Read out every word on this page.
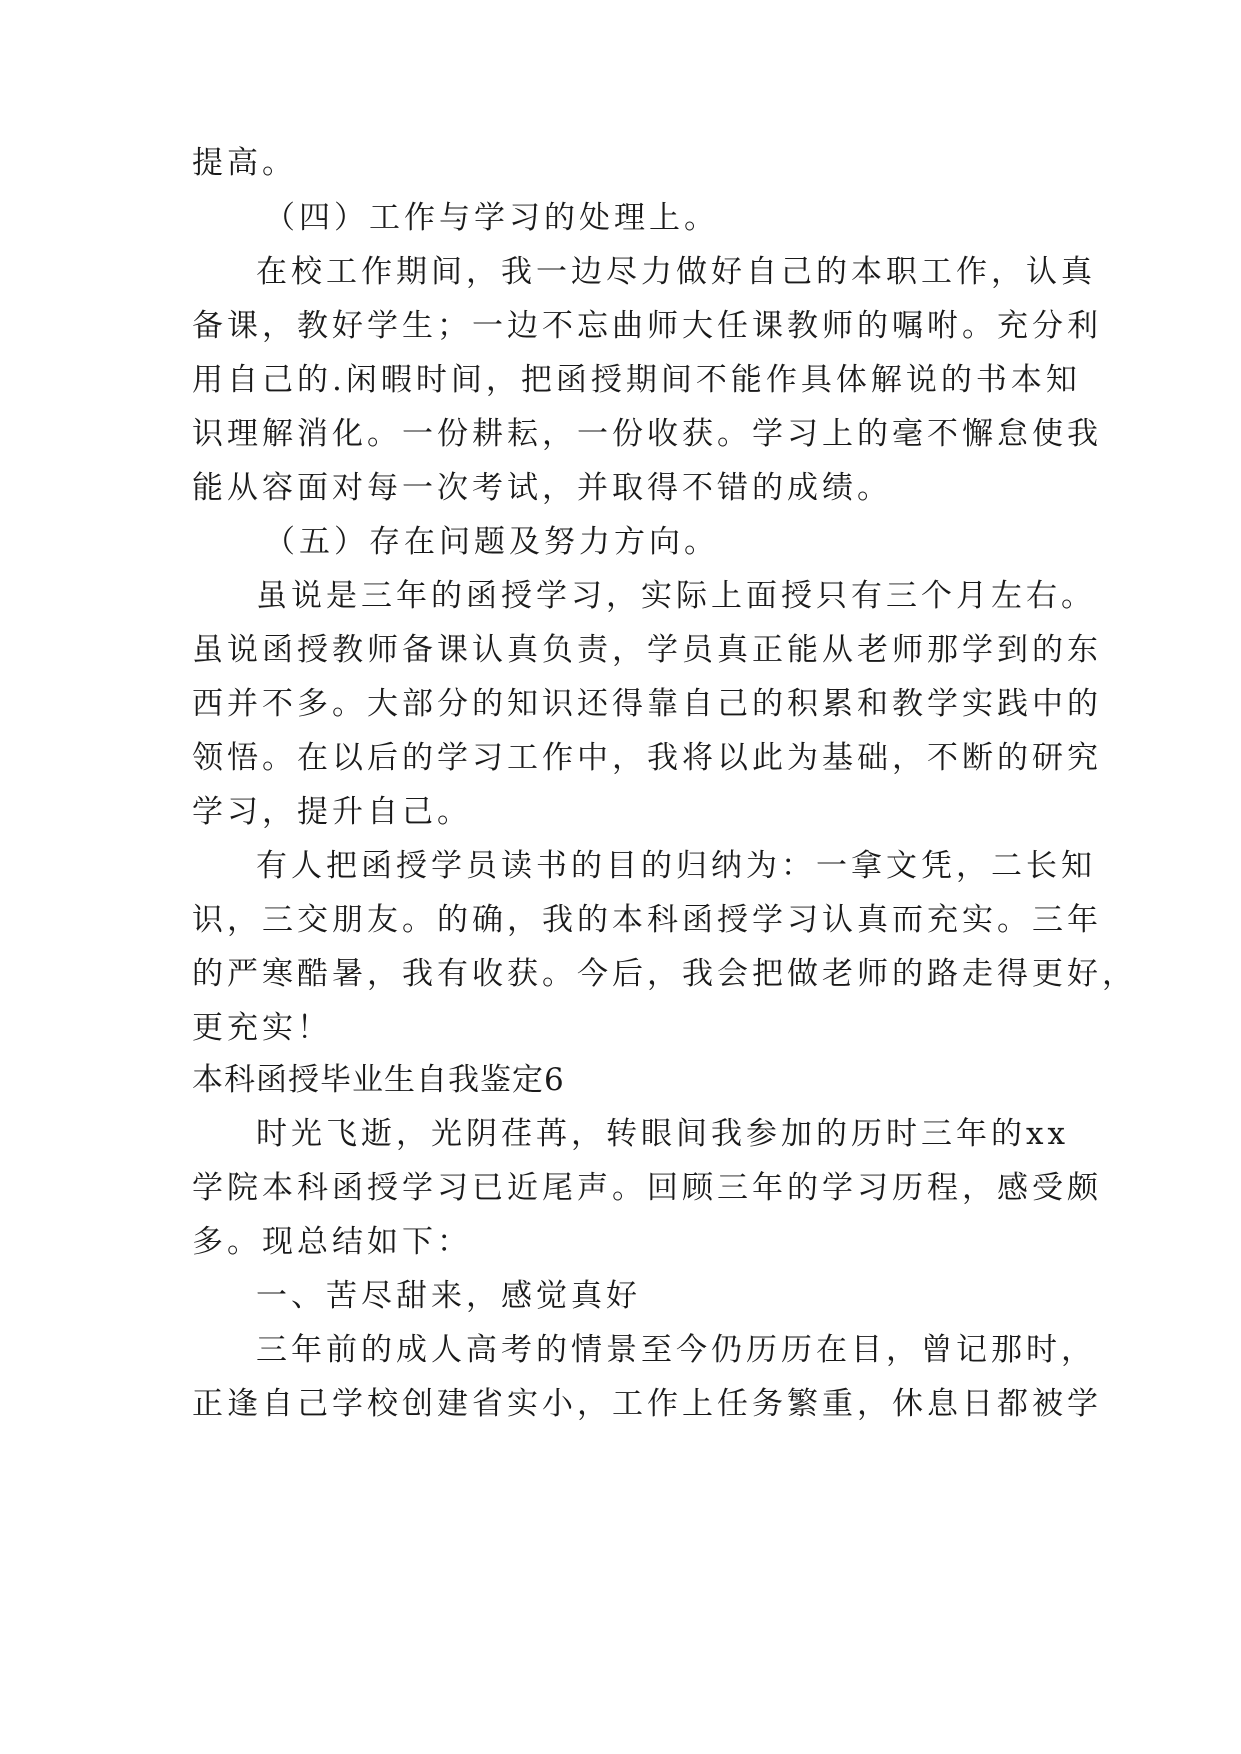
提高。
（四）工作与学习的处理上。
在校工作期间，我一边尽力做好自己的本职工作，认真
备课，教好学生；一边不忘曲师大任课教师的嘱咐。充分利
用自己的.闲暇时间，把函授期间不能作具体解说的书本知
识理解消化。一份耕耘，一份收获。学习上的毫不懈怠使我
能从容面对每一次考试，并取得不错的成绩。
（五）存在问题及努力方向。
虽说是三年的函授学习，实际上面授只有三个月左右。
虽说函授教师备课认真负责，学员真正能从老师那学到的东
西并不多。大部分的知识还得靠自己的积累和教学实践中的
领悟。在以后的学习工作中，我将以此为基础，不断的研究
学习，提升自己。
有人把函授学员读书的目的归纳为：一拿文凭，二长知
识，三交朋友。的确，我的本科函授学习认真而充实。三年
的严寒酷暑，我有收获。今后，我会把做老师的路走得更好，
更充实！
本科函授毕业生自我鉴定6
时光飞逝，光阴荏苒，转眼间我参加的历时三年的xx
学院本科函授学习已近尾声。回顾三年的学习历程，感受颇
多。现总结如下：
一、苦尽甜来，感觉真好
三年前的成人高考的情景至今仍历历在目，曾记那时，
正逢自己学校创建省实小，工作上任务繁重，休息日都被学
